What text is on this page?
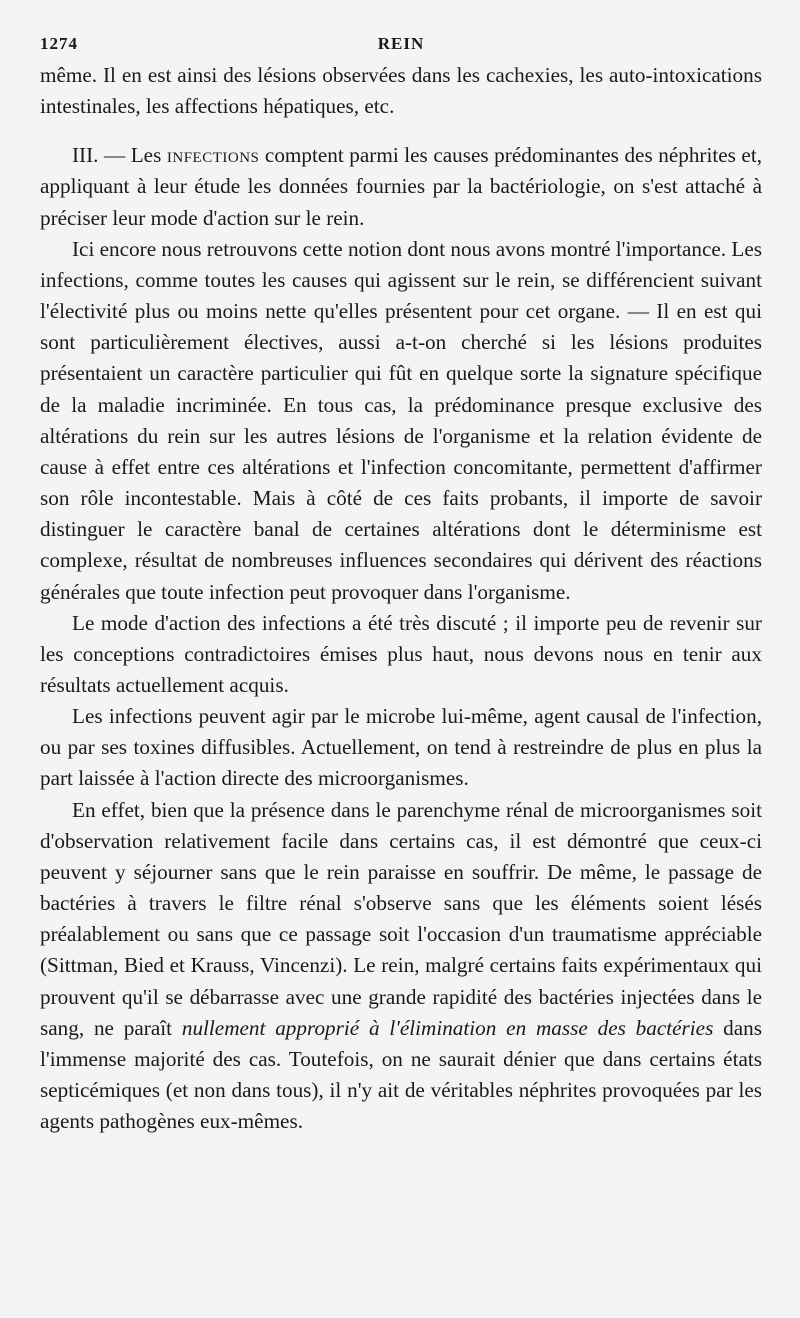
1274	REIN

même. Il en est ainsi des lésions observées dans les cachexies, les auto-intoxications intestinales, les affections hépatiques, etc.

III. — Les infections comptent parmi les causes prédominantes des néphrites et, appliquant à leur étude les données fournies par la bactériologie, on s'est attaché à préciser leur mode d'action sur le rein.

Ici encore nous retrouvons cette notion dont nous avons montré l'importance. Les infections, comme toutes les causes qui agissent sur le rein, se différencient suivant l'électivité plus ou moins nette qu'elles présentent pour cet organe. — Il en est qui sont particulièrement électives, aussi a-t-on cherché si les lésions produites présentaient un caractère particulier qui fût en quelque sorte la signature spécifique de la maladie incriminée. En tous cas, la prédominance presque exclusive des altérations du rein sur les autres lésions de l'organisme et la relation évidente de cause à effet entre ces altérations et l'infection concomitante, permettent d'affirmer son rôle incontestable. Mais à côté de ces faits probants, il importe de savoir distinguer le caractère banal de certaines altérations dont le déterminisme est complexe, résultat de nombreuses influences secondaires qui dérivent des réactions générales que toute infection peut provoquer dans l'organisme.

Le mode d'action des infections a été très discuté ; il importe peu de revenir sur les conceptions contradictoires émises plus haut, nous devons nous en tenir aux résultats actuellement acquis.

Les infections peuvent agir par le microbe lui-même, agent causal de l'infection, ou par ses toxines diffusibles. Actuellement, on tend à restreindre de plus en plus la part laissée à l'action directe des microorganismes.

En effet, bien que la présence dans le parenchyme rénal de microorganismes soit d'observation relativement facile dans certains cas, il est démontré que ceux-ci peuvent y séjourner sans que le rein paraisse en souffrir. De même, le passage de bactéries à travers le filtre rénal s'observe sans que les éléments soient lésés préalablement ou sans que ce passage soit l'occasion d'un traumatisme appréciable (Sittman, Bied et Krauss, Vincenzi). Le rein, malgré certains faits expérimentaux qui prouvent qu'il se débarrasse avec une grande rapidité des bactéries injectées dans le sang, ne paraît nullement approprié à l'élimination en masse des bactéries dans l'immense majorité des cas. Toutefois, on ne saurait dénier que dans certains états septicémiques (et non dans tous), il n'y ait de véritables néphrites provoquées par les agents pathogènes eux-mêmes.
